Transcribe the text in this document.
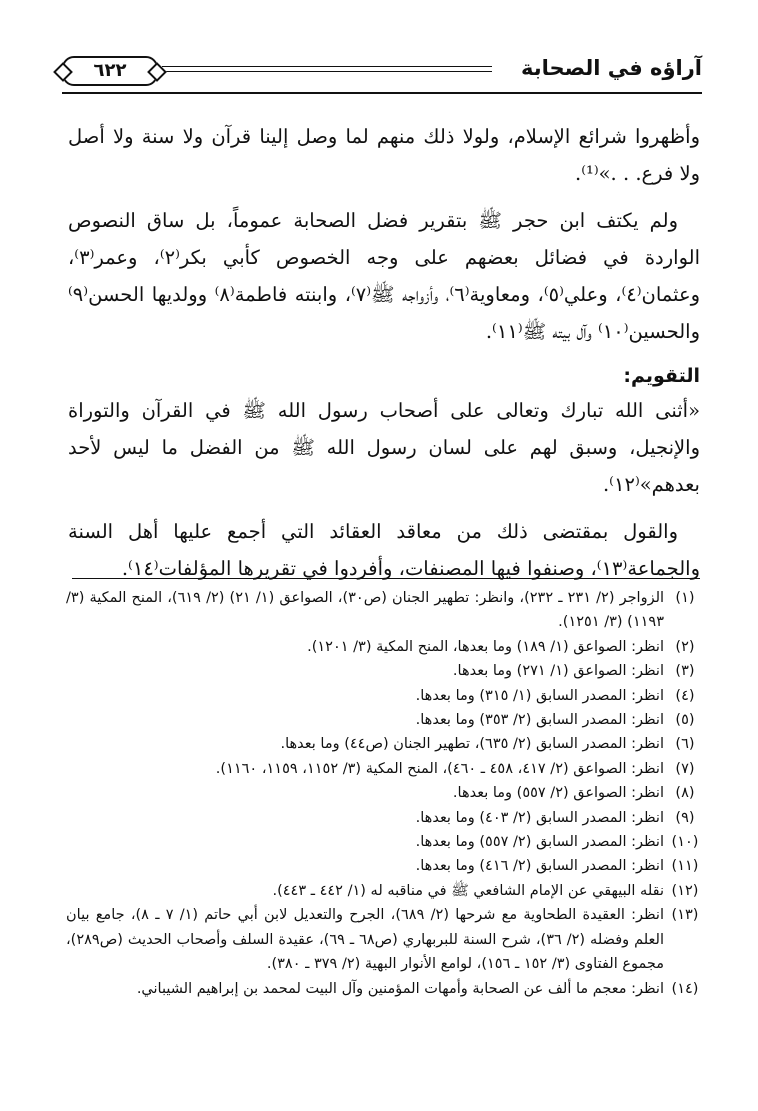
آراؤه في الصحابة
٦٢٢

وأظهروا شرائع الإسلام، ولولا ذلك منهم لما وصل إلينا قرآن ولا سنة ولا أصل ولا فرع. . .»⁽¹⁾.

ولم يكتف ابن حجر ﷺ بتقرير فضل الصحابة عموماً، بل ساق النصوص الواردة في فضائل بعضهم على وجه الخصوص كأبي بكر⁽٢⁾، وعمر⁽٣⁾، وعثمان⁽٤⁾، وعلي⁽٥⁾، ومعاوية⁽٦⁾، وأزواجه ﷺ⁽٧⁾، وابنته فاطمة⁽٨⁾ وولديها الحسن⁽٩⁾ والحسين⁽١٠⁾ وآل بيته ﷺ⁽١١⁾.

التقويم:

«أثنى الله تبارك وتعالى على أصحاب رسول الله ﷺ في القرآن والتوراة والإنجيل، وسبق لهم على لسان رسول الله ﷺ من الفضل ما ليس لأحد بعدهم»⁽١٢⁾.

والقول بمقتضى ذلك من معاقد العقائد التي أجمع عليها أهل السنة والجماعة⁽١٣⁾، وصنفوا فيها المصنفات، وأفردوا في تقريرها المؤلفات⁽١٤⁾.

(١)
الزواجر (٢/ ٢٣١ ـ ٢٣٢)، وانظر: تطهير الجنان (ص٣٠)، الصواعق (١/ ٢١) (٢/ ٦١٩)، المنح المكية (٣/ ١١٩٣) (٣/ ١٢٥١).
(٢)
انظر: الصواعق (١/ ١٨٩) وما بعدها، المنح المكية (٣/ ١٢٠١).
(٣)
انظر: الصواعق (١/ ٢٧١) وما بعدها.
(٤)
انظر: المصدر السابق (١/ ٣١٥) وما بعدها.
(٥)
انظر: المصدر السابق (٢/ ٣٥٣) وما بعدها.
(٦)
انظر: المصدر السابق (٢/ ٦٣٥)، تطهير الجنان (ص٤٤) وما بعدها.
(٧)
انظر: الصواعق (٢/ ٤١٧، ٤٥٨ ـ ٤٦٠)، المنح المكية (٣/ ١١٥٢، ١١٥٩، ١١٦٠).
(٨)
انظر: الصواعق (٢/ ٥٥٧) وما بعدها.
(٩)
انظر: المصدر السابق (٢/ ٤٠٣) وما بعدها.
(١٠)
انظر: المصدر السابق (٢/ ٥٥٧) وما بعدها.
(١١)
انظر: المصدر السابق (٢/ ٤١٦) وما بعدها.
(١٢)
نقله البيهقي عن الإمام الشافعي ﷺ في مناقبه له (١/ ٤٤٢ ـ ٤٤٣).
(١٣)
انظر: العقيدة الطحاوية مع شرحها (٢/ ٦٨٩)، الجرح والتعديل لابن أبي حاتم (١/ ٧ ـ ٨)، جامع بيان العلم وفضله (٢/ ٣٦)، شرح السنة للبربهاري (ص٦٨ ـ ٦٩)، عقيدة السلف وأصحاب الحديث (ص٢٨٩)، مجموع الفتاوى (٣/ ١٥٢ ـ ١٥٦)، لوامع الأنوار البهية (٢/ ٣٧٩ ـ ٣٨٠).
(١٤)
انظر: معجم ما ألف عن الصحابة وأمهات المؤمنين وآل البيت لمحمد بن إبراهيم الشيباني.
